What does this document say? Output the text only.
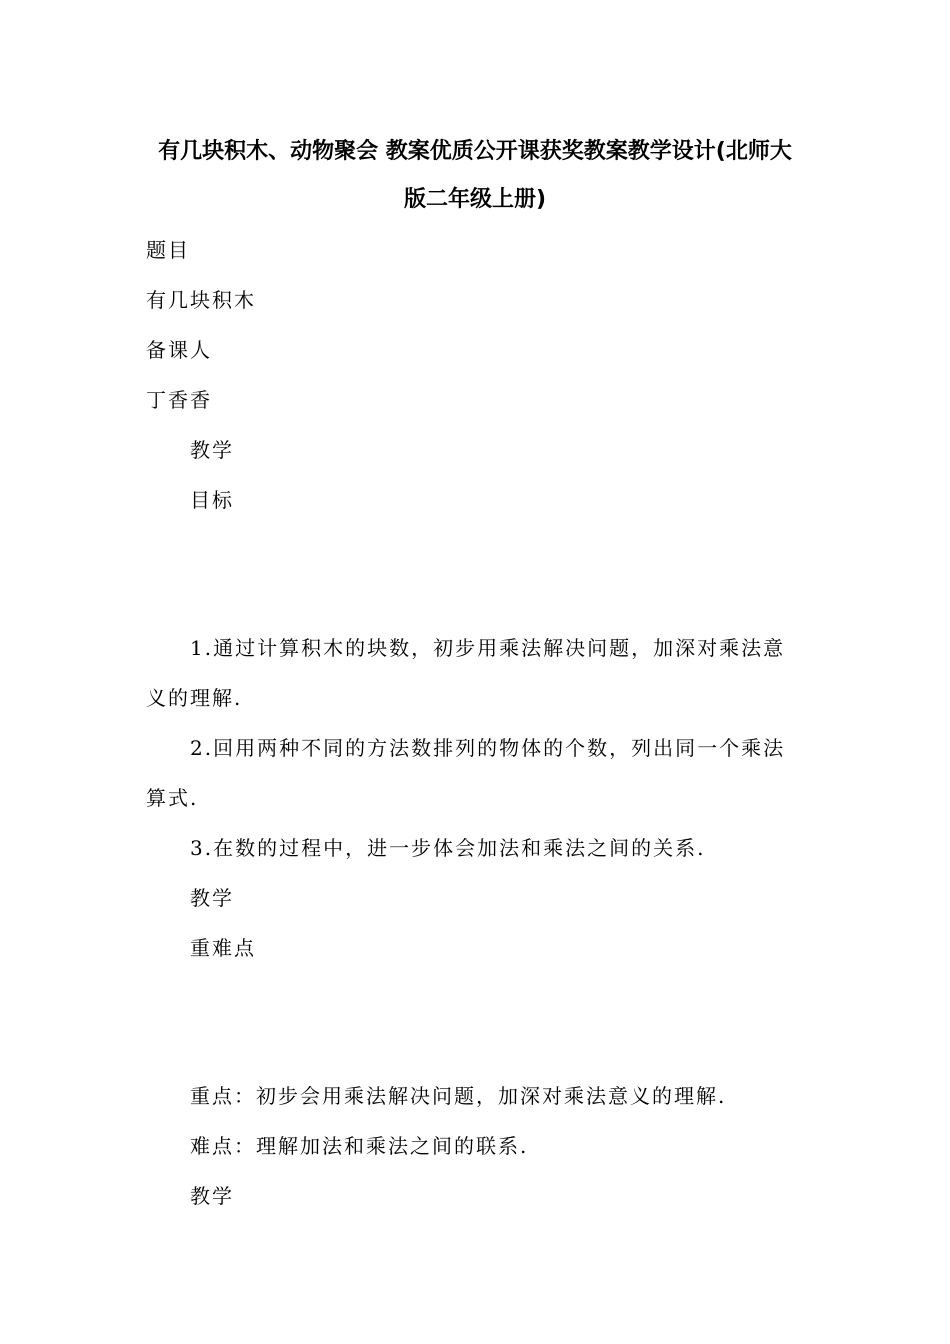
有几块积木、动物聚会 教案优质公开课获奖教案教学设计(北师大
版二年级上册)
题目
有几块积木
备课人
丁香香
教学
目标
1.通过计算积木的块数，初步用乘法解决问题，加深对乘法意
义的理解.
2.回用两种不同的方法数排列的物体的个数，列出同一个乘法
算式.
3.在数的过程中，进一步体会加法和乘法之间的关系.
教学
重难点
重点：初步会用乘法解决问题，加深对乘法意义的理解.
难点：理解加法和乘法之间的联系.
教学
